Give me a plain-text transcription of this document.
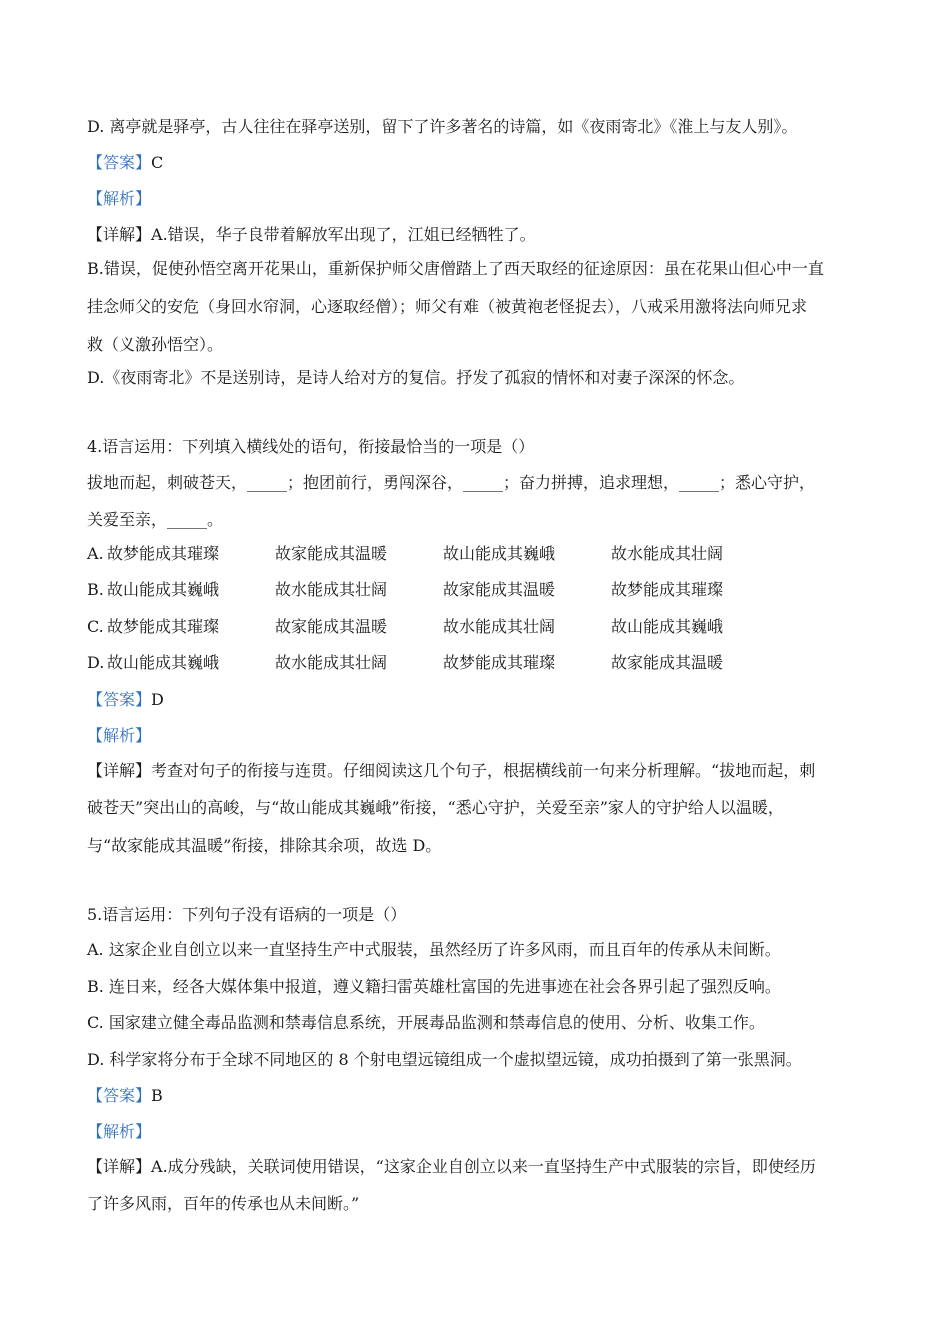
D. 离亭就是驿亭，古人往往在驿亭送别，留下了许多著名的诗篇，如《夜雨寄北》《淮上与友人别》。
【答案】C
【解析】
【详解】A.错误，华子良带着解放军出现了，江姐已经牺牲了。
B.错误，促使孙悟空离开花果山，重新保护师父唐僧踏上了西天取经的征途原因：虽在花果山但心中一直
挂念师父的安危（身回水帘洞，心逐取经僧）；师父有难（被黄袍老怪捉去），八戒采用激将法向师兄求
救（义激孙悟空）。
D.《夜雨寄北》不是送别诗，是诗人给对方的复信。抒发了孤寂的情怀和对妻子深深的怀念。
4.语言运用：下列填入横线处的语句，衔接最恰当的一项是（）
拔地而起，刺破苍天，_____；抱团前行，勇闯深谷，_____；奋力拼搏，追求理想，_____；悉心守护，
关爱至亲，_____。
A. 故梦能成其璀璨	故家能成其温暖	故山能成其巍峨	故水能成其壮阔
B. 故山能成其巍峨	故水能成其壮阔	故家能成其温暖	故梦能成其璀璨
C. 故梦能成其璀璨	故家能成其温暖	故水能成其壮阔	故山能成其巍峨
D. 故山能成其巍峨	故水能成其壮阔	故梦能成其璀璨	故家能成其温暖
【答案】D
【解析】
【详解】考查对句子的衔接与连贯。仔细阅读这几个句子，根据横线前一句来分析理解。“拔地而起，刺
破苍天”突出山的高峻，与“故山能成其巍峨”衔接，“悉心守护，关爱至亲”家人的守护给人以温暖，
与“故家能成其温暖”衔接，排除其余项，故选 D。
5.语言运用：下列句子没有语病的一项是（）
A. 这家企业自创立以来一直坚持生产中式服装，虽然经历了许多风雨，而且百年的传承从未间断。
B. 连日来，经各大媒体集中报道，遵义籍扫雷英雄杜富国的先进事迹在社会各界引起了强烈反响。
C. 国家建立健全毒品监测和禁毒信息系统，开展毒品监测和禁毒信息的使用、分析、收集工作。
D. 科学家将分布于全球不同地区的 8 个射电望远镜组成一个虚拟望远镜，成功拍摄到了第一张黑洞。
【答案】B
【解析】
【详解】A.成分残缺，关联词使用错误，“这家企业自创立以来一直坚持生产中式服装的宗旨，即使经历
了许多风雨，百年的传承也从未间断。”
